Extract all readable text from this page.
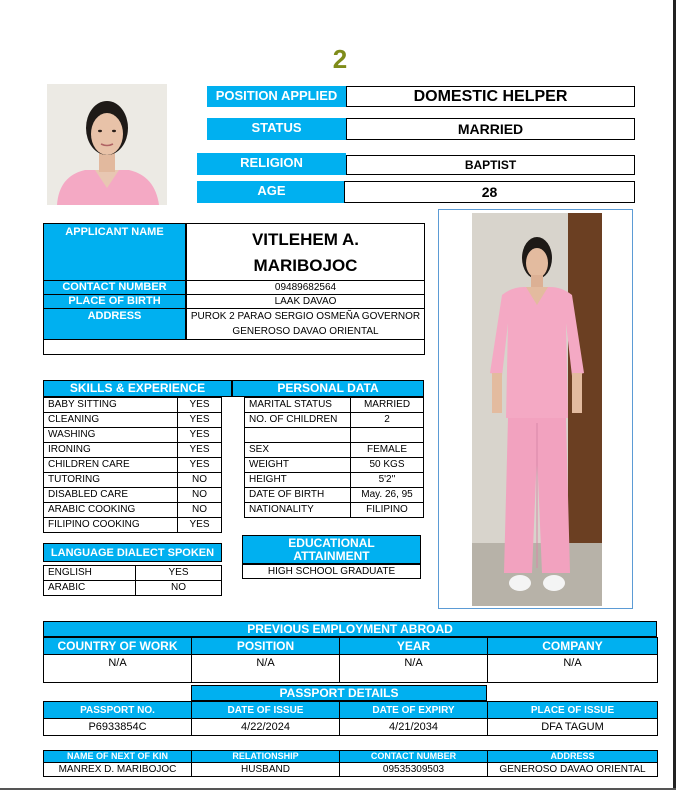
2
POSITION APPLIED	DOMESTIC HELPER
STATUS	MARRIED
RELIGION	BAPTIST
AGE	28
APPLICANT NAME	VITLEHEM A.
MARIBOJOC
CONTACT NUMBER	09489682564
PLACE OF BIRTH	LAAK DAVAO
ADDRESS	PUROK 2 PARAO SERGIO OSMEÑA GOVERNOR
GENEROSO DAVAO ORIENTAL
SKILLS & EXPERIENCE
BABY SITTING	YES
CLEANING	YES
WASHING	YES
IRONING	YES
CHILDREN CARE	YES
TUTORING	NO
DISABLED CARE	NO
ARABIC COOKING	NO
FILIPINO COOKING	YES
PERSONAL DATA
MARITAL STATUS	MARRIED
NO. OF CHILDREN	2

SEX	FEMALE
WEIGHT	50 KGS
HEIGHT	5'2''
DATE OF BIRTH	May. 26, 95
NATIONALITY	FILIPINO
LANGUAGE DIALECT SPOKEN
ENGLISH	YES
ARABIC	NO
EDUCATIONAL
ATTAINMENT
HIGH SCHOOL GRADUATE
PREVIOUS EMPLOYMENT ABROAD
COUNTRY OF WORK	POSITION	YEAR	COMPANY
N/A	N/A	N/A	N/A
PASSPORT DETAILS
PASSPORT NO.	DATE OF ISSUE	DATE OF EXPIRY	PLACE OF ISSUE
P6933854C	4/22/2024	4/21/2034	DFA TAGUM
NAME OF NEXT OF KIN	RELATIONSHIP	CONTACT NUMBER	ADDRESS
MANREX D. MARIBOJOC	HUSBAND	09535309503	GENEROSO DAVAO ORIENTAL
